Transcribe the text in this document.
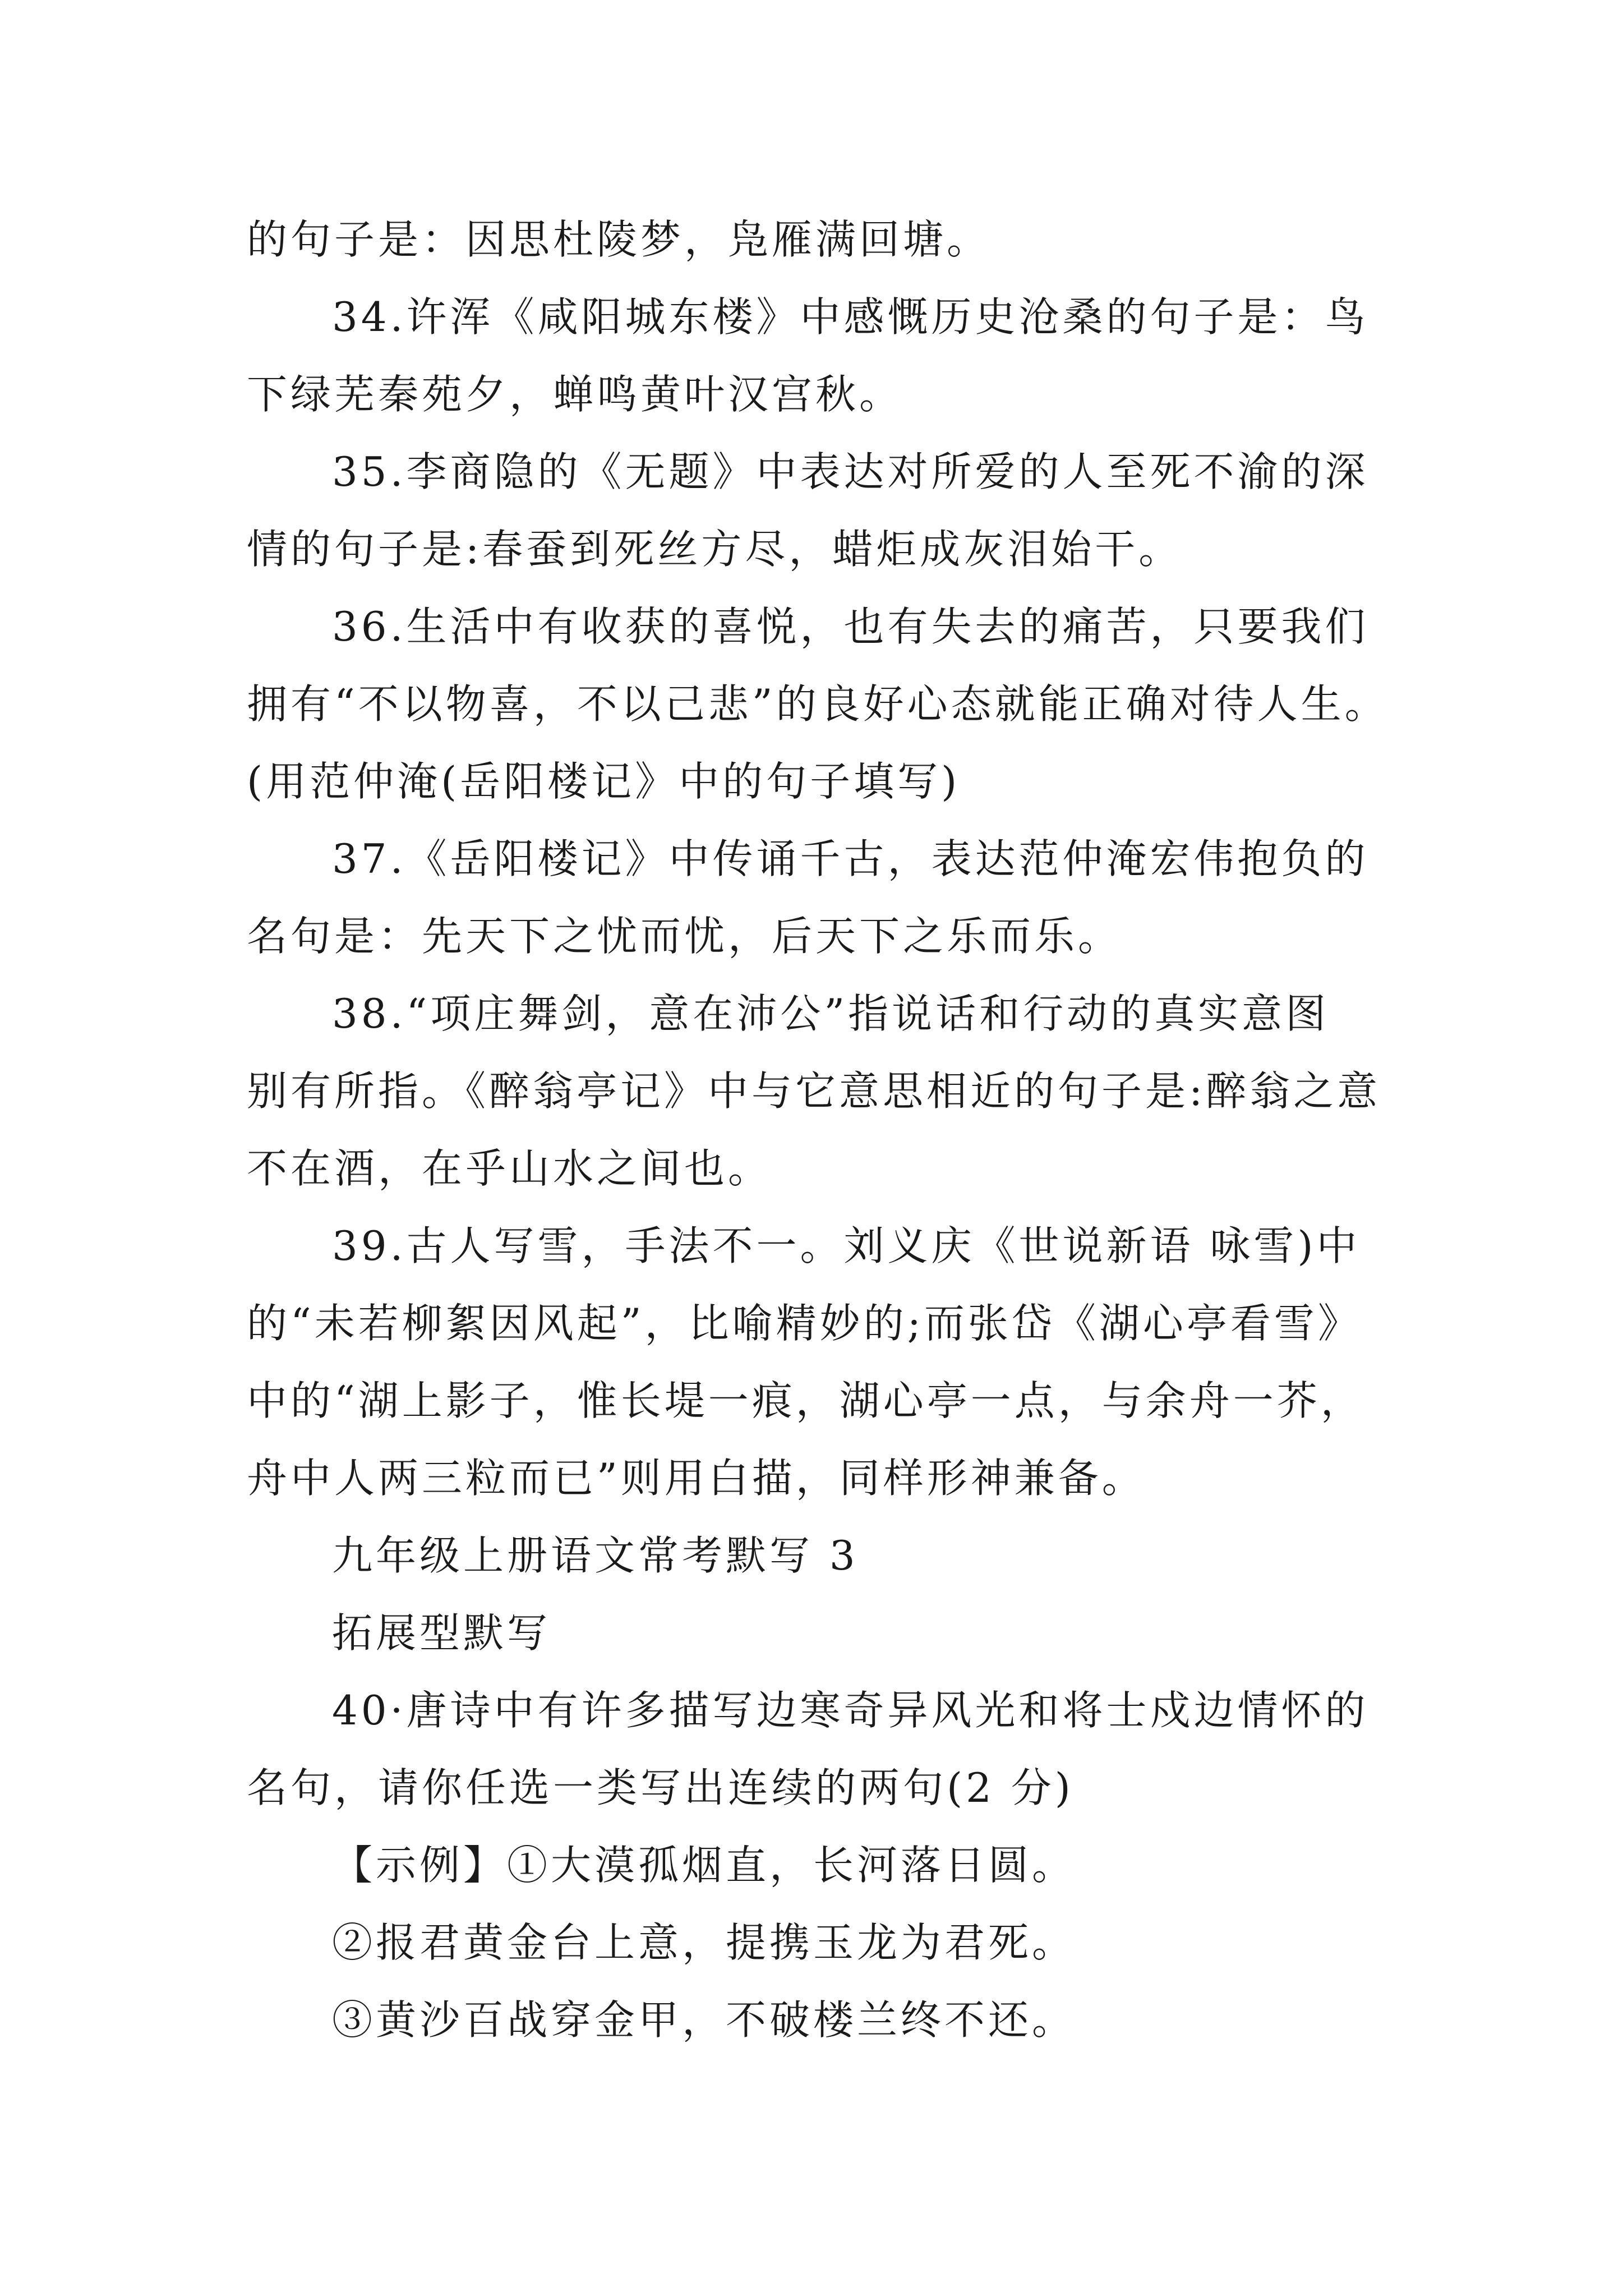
的句子是：因思杜陵梦，凫雁满回塘。
34.许浑《咸阳城东楼》中感慨历史沧桑的句子是：鸟
下绿芜秦苑夕，蝉鸣黄叶汉宫秋。
35.李商隐的《无题》中表达对所爱的人至死不渝的深
情的句子是:春蚕到死丝方尽，蜡炬成灰泪始干。
36.生活中有收获的喜悦，也有失去的痛苦，只要我们
拥有“不以物喜，不以己悲”的良好心态就能正确对待人生。
(用范仲淹(岳阳楼记》中的句子填写)
37.《岳阳楼记》中传诵千古，表达范仲淹宏伟抱负的
名句是：先天下之忧而忧，后天下之乐而乐。
38.“项庄舞剑，意在沛公”指说话和行动的真实意图
别有所指。《醉翁亭记》中与它意思相近的句子是:醉翁之意
不在酒，在乎山水之间也。
39.古人写雪，手法不一。刘义庆《世说新语 咏雪)中
的“未若柳絮因风起”，比喻精妙的;而张岱《湖心亭看雪》
中的“湖上影子，惟长堤一痕，湖心亭一点，与余舟一芥，
舟中人两三粒而已”则用白描，同样形神兼备。
九年级上册语文常考默写 3
拓展型默写
40·唐诗中有许多描写边寒奇异风光和将士戍边情怀的
名句，请你任选一类写出连续的两句(2 分)
【示例】①大漠孤烟直，长河落日圆。
②报君黄金台上意，提携玉龙为君死。
③黄沙百战穿金甲，不破楼兰终不还。
